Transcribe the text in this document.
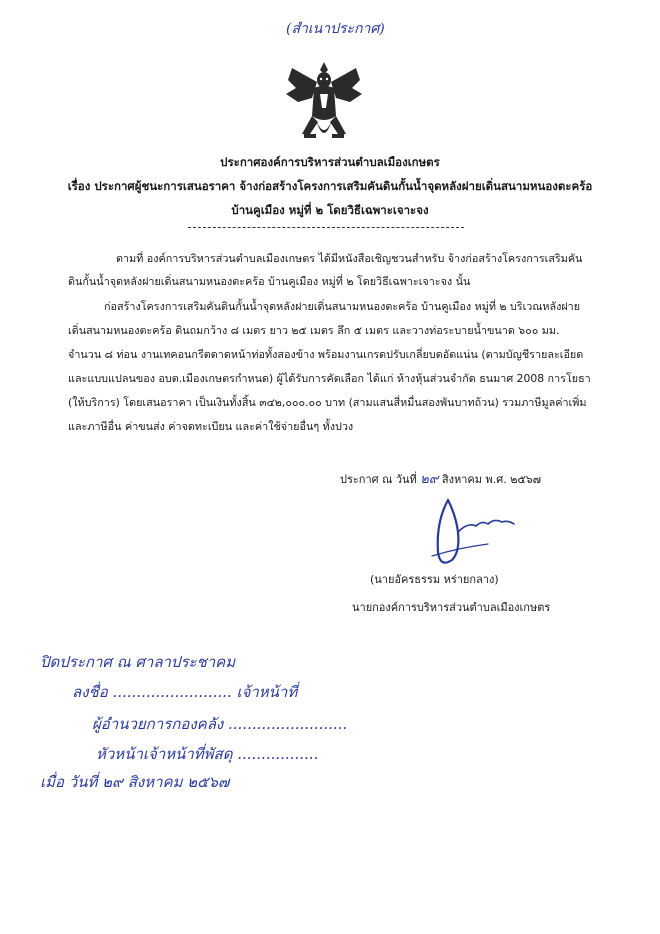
(สำเนาประกาศ)
ประกาศองค์การบริหารส่วนตำบลเมืองเกษตร
เรื่อง ประกาศผู้ชนะการเสนอราคา จ้างก่อสร้างโครงการเสริมคันดินกั้นน้ำจุดหลังฝายเดิ่นสนามหนองตะคร้อ
บ้านคูเมือง หมู่ที่ ๒ โดยวิธีเฉพาะเจาะจง
ตามที่ องค์การบริหารส่วนตำบลเมืองเกษตร ได้มีหนังสือเชิญชวนสำหรับ จ้างก่อสร้างโครงการเสริมคัน
ดินกั้นน้ำจุดหลังฝายเดิ่นสนามหนองตะคร้อ บ้านคูเมือง หมู่ที่ ๒ โดยวิธีเฉพาะเจาะจง นั้น
ก่อสร้างโครงการเสริมคันดินกั้นน้ำจุดหลังฝายเดิ่นสนามหนองตะคร้อ บ้านคูเมือง หมู่ที่ ๒ บริเวณหลังฝาย
เดิ่นสนามหนองตะคร้อ ดินถมกว้าง ๘ เมตร ยาว ๒๕ เมตร ลึก ๕ เมตร และวางท่อระบายน้ำขนาด ๖๐๐ มม.
จำนวน ๘ ท่อน งานเทคอนกรีตดาดหน้าท่อทั้งสองข้าง พร้อมงานเกรดปรับเกลี่ยบดอัดแน่น (ตามบัญชีรายละเอียด
และแบบแปลนของ อบต.เมืองเกษตรกำหนด) ผู้ได้รับการคัดเลือก ได้แก่ ห้างหุ้นส่วนจำกัด ธนมาศ 2008 การโยธา
(ให้บริการ) โดยเสนอราคา เป็นเงินทั้งสิ้น ๓๔๒,๐๐๐.๐๐ บาท (สามแสนสี่หมื่นสองพันบาทถ้วน) รวมภาษีมูลค่าเพิ่ม
และภาษีอื่น ค่าขนส่ง ค่าจดทะเบียน และค่าใช้จ่ายอื่นๆ ทั้งปวง
ประกาศ ณ วันที่ ๒๙ สิงหาคม พ.ศ. ๒๕๖๗
(นายอัครธรรม หร่ายกลาง)
นายกองค์การบริหารส่วนตำบลเมืองเกษตร
ปิดประกาศ ณ ศาลาประชาคม
ลงชื่อ ......................... เจ้าหน้าที่
ผู้อำนวยการกองคลัง .........................
หัวหน้าเจ้าหน้าที่พัสดุ .................
เมื่อ วันที่ ๒๙ สิงหาคม ๒๕๖๗
